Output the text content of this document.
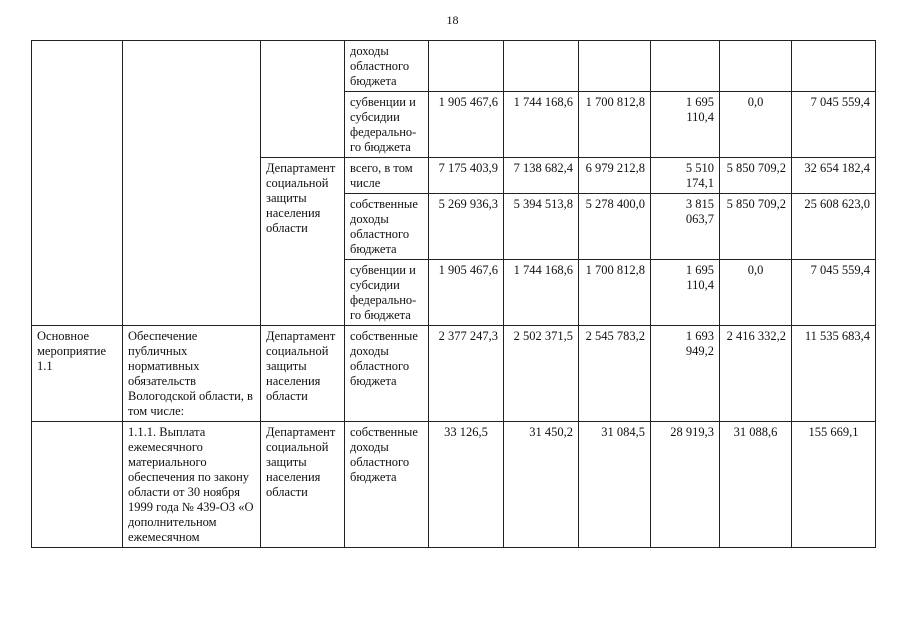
18
			доходы областного бюджета						
			субвенции и субсидии федерально-го бюджета	1 905 467,6	1 744 168,6	1 700 812,8	1 695 110,4	0,0	7 045 559,4
		Департамент социальной защиты населения области	всего, в том числе	7 175 403,9	7 138 682,4	6 979 212,8	5 510 174,1	5 850 709,2	32 654 182,4
			собственные доходы областного бюджета	5 269 936,3	5 394 513,8	5 278 400,0	3 815 063,7	5 850 709,2	25 608 623,0
			субвенции и субсидии федерально-го бюджета	1 905 467,6	1 744 168,6	1 700 812,8	1 695 110,4	0,0	7 045 559,4
Основное мероприятие 1.1	Обеспечение публичных нормативных обязательств Вологодской области, в том числе:	Департамент социальной защиты населения области	собственные доходы областного бюджета	2 377 247,3	2 502 371,5	2 545 783,2	1 693 949,2	2 416 332,2	11 535 683,4
	1.1.1. Выплата ежемесячного материального обеспечения по закону области от 30 ноября 1999 года № 439-ОЗ «О дополнительном ежемесячном	Департамент социальной защиты населения области	собственные доходы областного бюджета	33 126,5	31 450,2	31 084,5	28 919,3	31 088,6	155 669,1
